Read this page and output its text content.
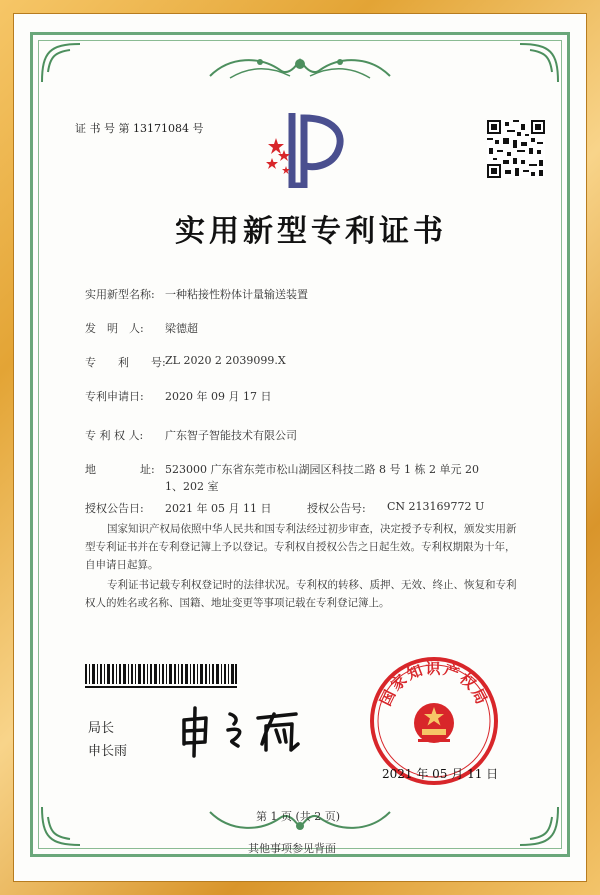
证 书 号 第 13171084 号
实用新型专利证书
实用新型名称: 一种粘接性粉体计量输送装置
发　明　人: 梁德超
专　　利　　号: ZL 2020 2 2039099.X
专利申请日: 2020 年 09 月 17 日
专 利 权 人: 广东智子智能技术有限公司
地　　　　址: 523000 广东省东莞市松山湖园区科技二路 8 号 1 栋 2 单元 20
1、202 室
授权公告日: 2021 年 05 月 11 日	授权公告号: CN 213169772 U
国家知识产权局依照中华人民共和国专利法经过初步审查，决定授予专利权，颁发实用新型专利证书并在专利登记簿上予以登记。专利权自授权公告之日起生效。专利权期限为十年，自申请日起算。
专利证书记载专利权登记时的法律状况。专利权的转移、质押、无效、终止、恢复和专利权人的姓名或名称、国籍、地址变更等事项记载在专利登记簿上。
局长
申长雨
国家知识产权局
2021 年 05 月 11 日
第 1 页 (共 2 页)
其他事项参见背面
